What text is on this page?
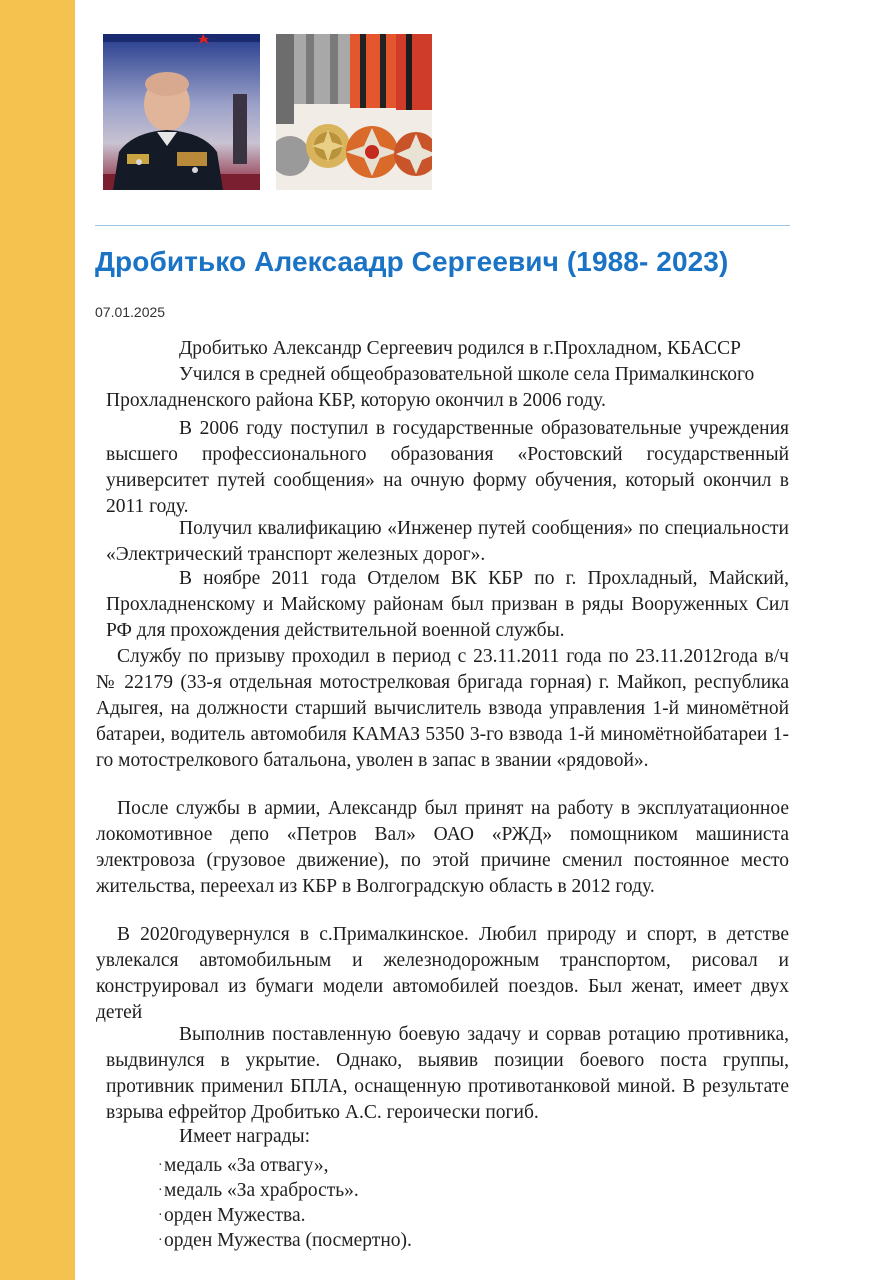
Дробитько Алексаадр Сергеевич (1988- 2023)
07.01.2025
Дробитько Александр Сергеевич родился в г.Прохладном, КБАССР
Учился в средней общеобразовательной школе села Прималкинского
Прохладненского района КБР, которую окончил в 2006 году.
В 2006 году поступил в государственные образовательные учреждения высшего профессионального образования «Ростовский государственный университет путей сообщения» на очную форму обучения, который окончил в 2011 году.
Получил квалификацию «Инженер путей сообщения» по специальности «Электрический транспорт железных дорог».
В ноябре 2011 года Отделом ВК КБР по г. Прохладный, Майский, Прохладненскому и Майскому районам был призван в ряды Вооруженных Сил РФ для прохождения действительной военной службы.
Службу по призыву проходил в период с 23.11.2011 года по 23.11.2012года в/ч № 22179 (33-я отдельная мотострелковая бригада горная) г. Майкоп, республика Адыгея, на должности старший вычислитель взвода управления 1-й миномётной батареи, водитель автомобиля КАМАЗ 5350 3-го взвода 1-й миномётнойбатареи 1-го мотострелкового батальона, уволен в запас в звании «рядовой».
После службы в армии, Александр был принят на работу в эксплуатационное локомотивное депо «Петров Вал» ОАО «РЖД» помощником машиниста электровоза (грузовое движение), по этой причине сменил постоянное место жительства, переехал из КБР в Волгоградскую область в 2012 году.
В 2020годувернулся в с.Прималкинское. Любил природу и спорт, в детстве увлекался автомобильным и железнодорожным транспортом, рисовал и конструировал из бумаги модели автомобилей поездов. Был женат, имеет двух детей
Выполнив поставленную боевую задачу и сорвав ротацию противника, выдвинулся в укрытие. Однако, выявив позиции боевого поста группы, противник применил БПЛА, оснащенную противотанковой миной. В результате взрыва ефрейтор Дробитько А.С. героически погиб.
Имеет награды:
·медаль «За отвагу»,
·медаль «За храбрость».
·орден Мужества.
·орден Мужества (посмертно).
